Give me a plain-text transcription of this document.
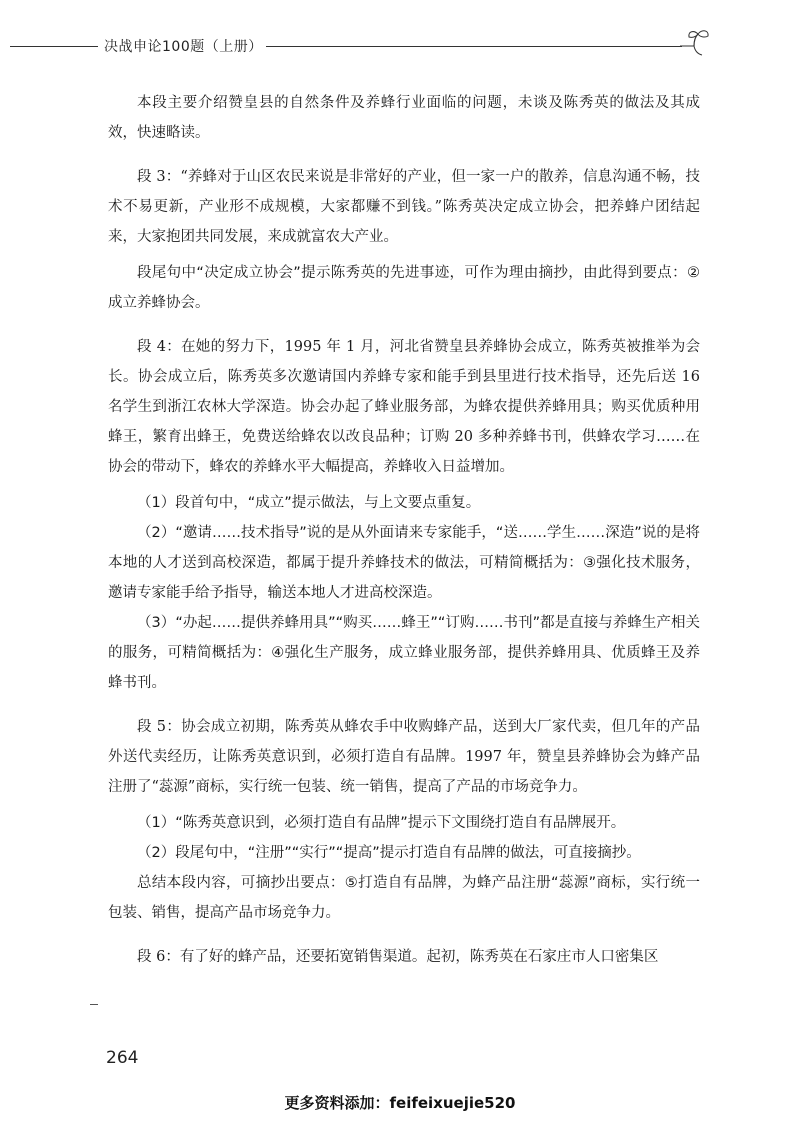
决战申论100题（上册）

本段主要介绍赞皇县的自然条件及养蜂行业面临的问题，未谈及陈秀英的做法及其成效，快速略读。

段 3：“养蜂对于山区农民来说是非常好的产业，但一家一户的散养，信息沟通不畅，技术不易更新，产业形不成规模，大家都赚不到钱。”陈秀英决定成立协会，把养蜂户团结起来，大家抱团共同发展，来成就富农大产业。

段尾句中“决定成立协会”提示陈秀英的先进事迹，可作为理由摘抄，由此得到要点：②成立养蜂协会。

段 4：在她的努力下，1995 年 1 月，河北省赞皇县养蜂协会成立，陈秀英被推举为会长。协会成立后，陈秀英多次邀请国内养蜂专家和能手到县里进行技术指导，还先后送 16 名学生到浙江农林大学深造。协会办起了蜂业服务部，为蜂农提供养蜂用具；购买优质种用蜂王，繁育出蜂王，免费送给蜂农以改良品种；订购 20 多种养蜂书刊，供蜂农学习……在协会的带动下，蜂农的养蜂水平大幅提高，养蜂收入日益增加。

（1）段首句中，“成立”提示做法，与上文要点重复。

（2）“邀请……技术指导”说的是从外面请来专家能手，“送……学生……深造”说的是将本地的人才送到高校深造，都属于提升养蜂技术的做法，可精简概括为：③强化技术服务，邀请专家能手给予指导，输送本地人才进高校深造。

（3）“办起……提供养蜂用具”“购买……蜂王”“订购……书刊”都是直接与养蜂生产相关的服务，可精简概括为：④强化生产服务，成立蜂业服务部，提供养蜂用具、优质蜂王及养蜂书刊。

段 5：协会成立初期，陈秀英从蜂农手中收购蜂产品，送到大厂家代卖，但几年的产品外送代卖经历，让陈秀英意识到，必须打造自有品牌。1997 年，赞皇县养蜂协会为蜂产品注册了“蕊源”商标，实行统一包装、统一销售，提高了产品的市场竞争力。

（1）“陈秀英意识到，必须打造自有品牌”提示下文围绕打造自有品牌展开。

（2）段尾句中，“注册”“实行”“提高”提示打造自有品牌的做法，可直接摘抄。

总结本段内容，可摘抄出要点：⑤打造自有品牌，为蜂产品注册“蕊源”商标，实行统一包装、销售，提高产品市场竞争力。

段 6：有了好的蜂产品，还要拓宽销售渠道。起初，陈秀英在石家庄市人口密集区

264
更多资料添加：feifeixuejie520
